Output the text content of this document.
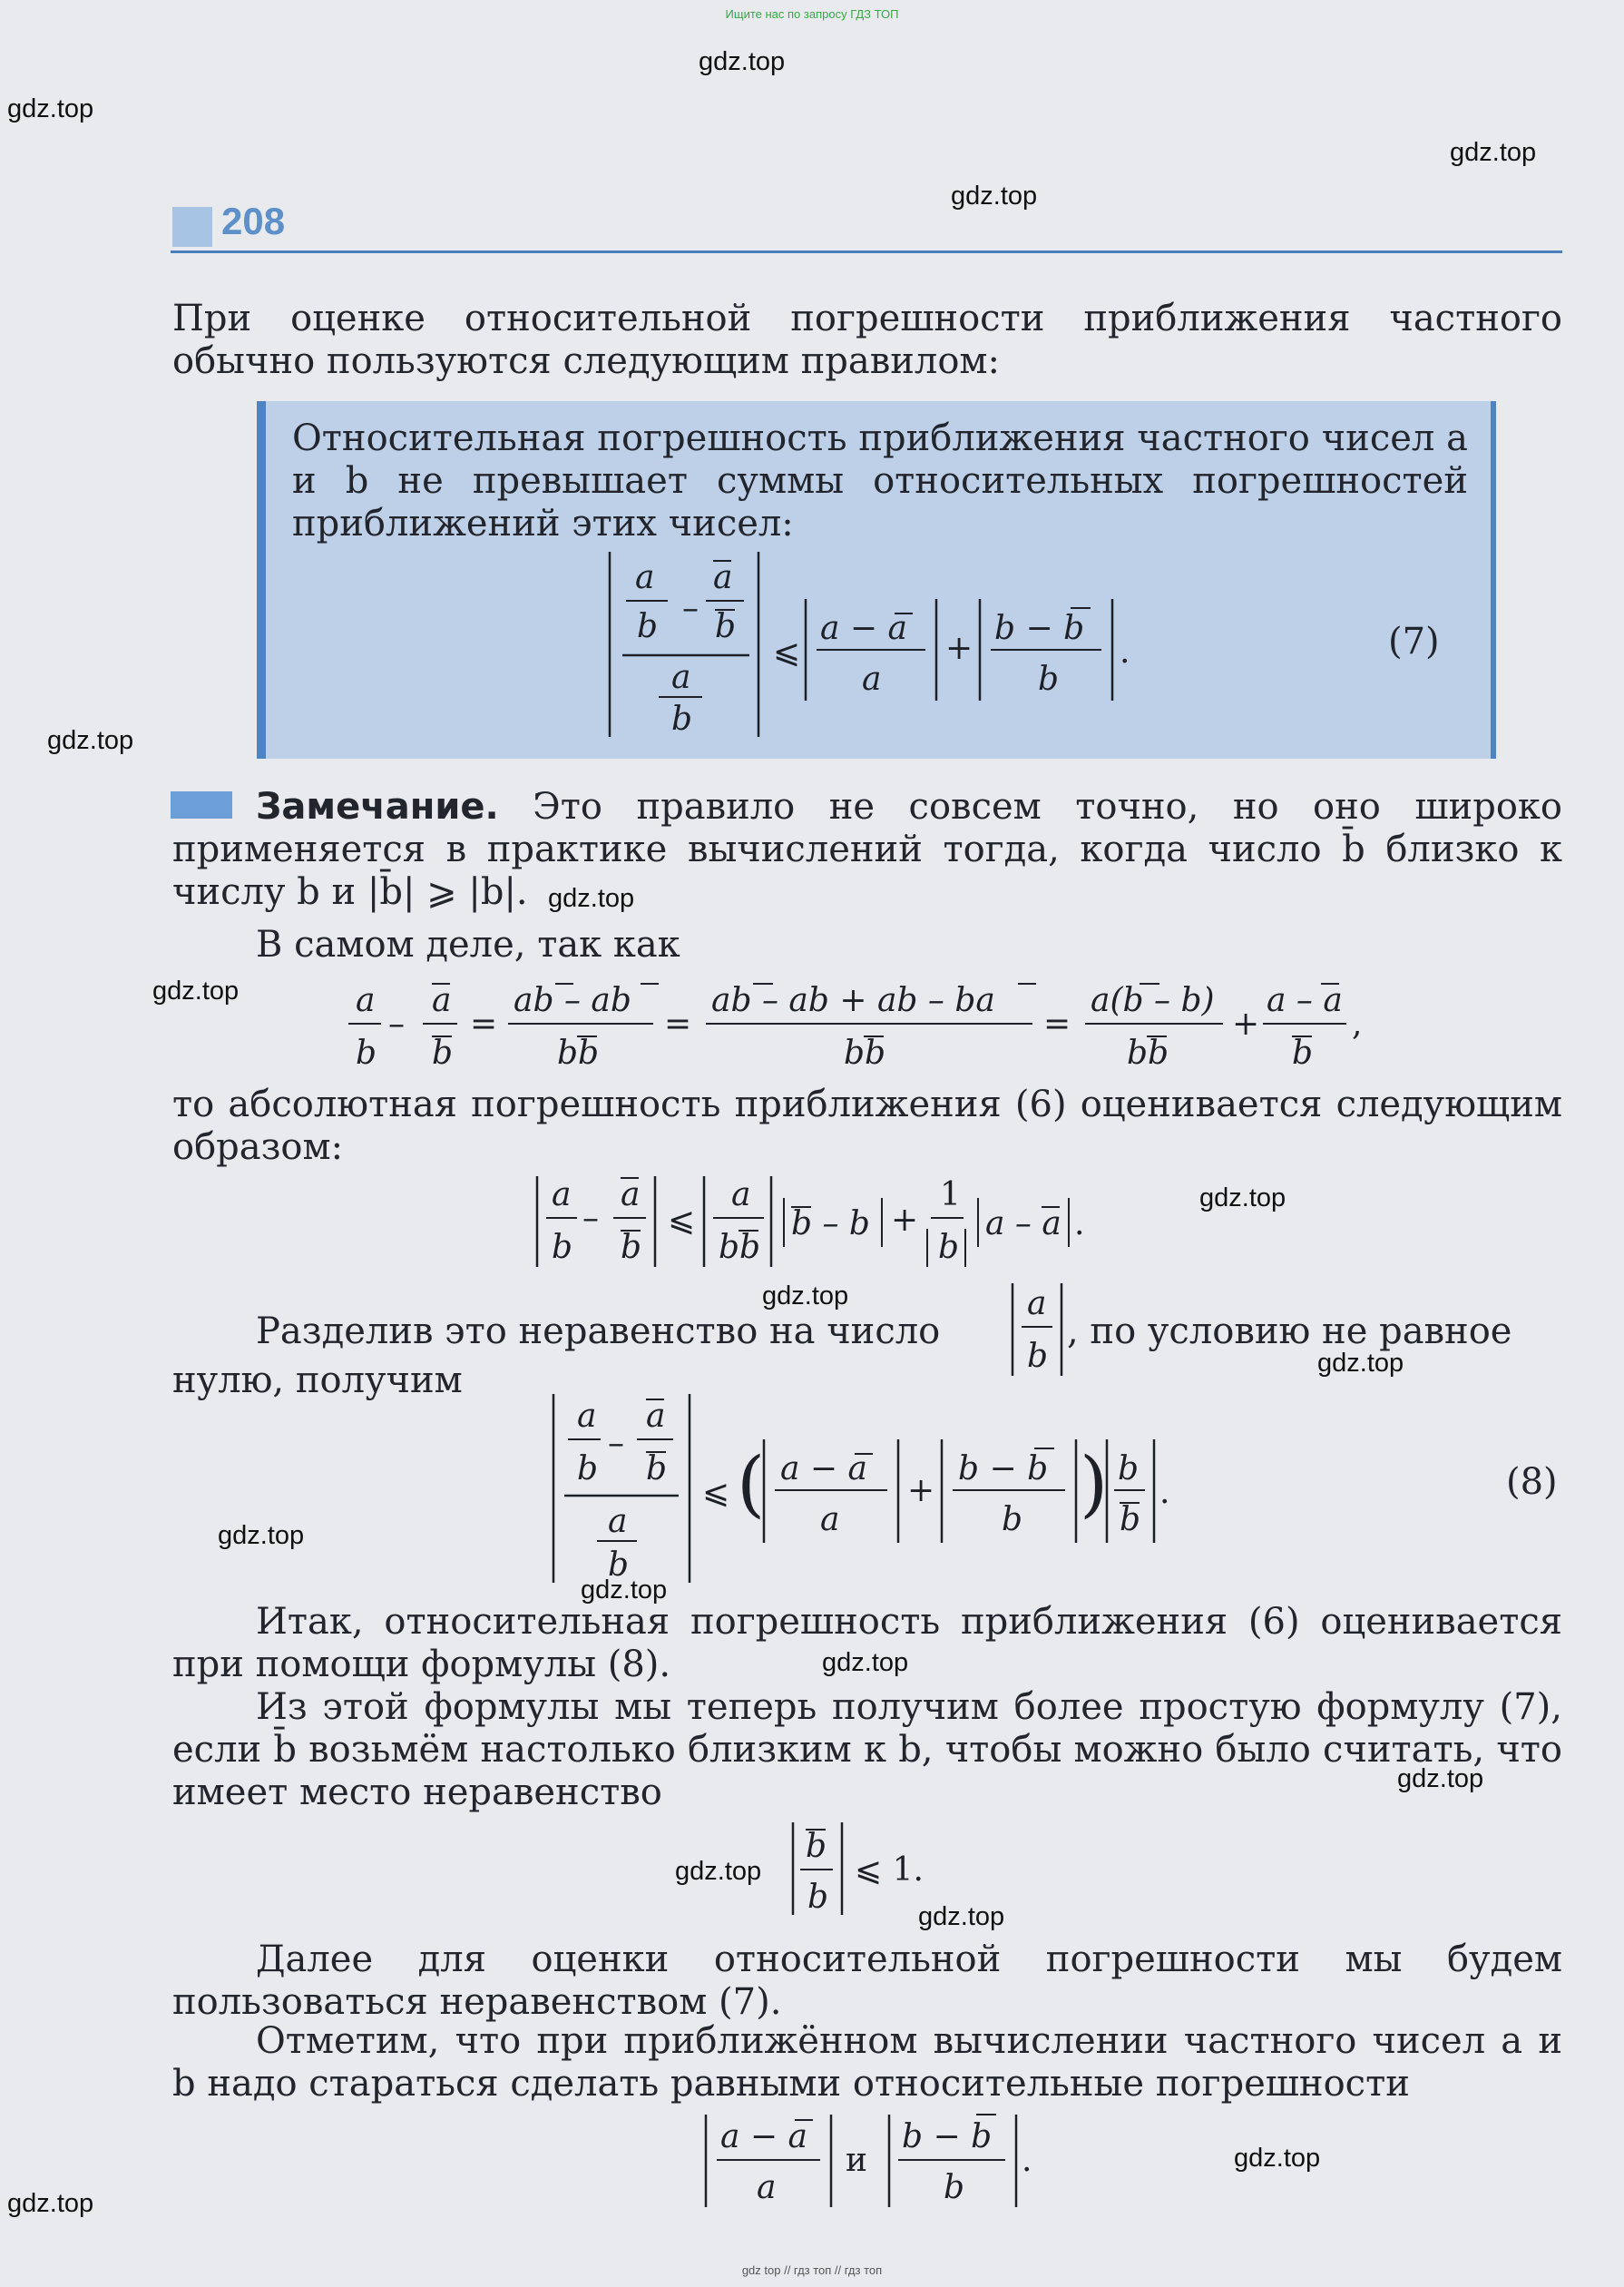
Ищите нас по запросу ГДЗ ТОП
gdz top // гдз топ // гдз топ
gdz.top
gdz.top
gdz.top
gdz.top
gdz.top
gdz.top
gdz.top
gdz.top
gdz.top
gdz.top
gdz.top
gdz.top
gdz.top
gdz.top
gdz.top
gdz.top
gdz.top
gdz.top
208
При оценке относительной погрешности приближения частного обычно пользуются следующим правилом:
Относительная погрешность приближения частного чисел a и b не превышает суммы относительных погрешностей приближений этих чисел:
a
b –
a
b
a
b
⩽
a − a
a
+
b − b
b
.	(7)
Замечание. Это правило не совсем точно, но оно широко применяется в практике вычислений тогда, когда число b̄ близко к числу b и |b̄| ⩾ |b|.
В самом деле, так как
a
b
–
a
b
=
ab – ab
bb
=
ab – ab + ab – ba
bb
=
a(b – b)
bb
+
a – a
b
,
то абсолютная погрешность приближения (6) оценивается следующим образом:
a
b
–
a
b
⩽
a
bb
b – b +
1
b
a – a .
Разделив это неравенство на число
a
b
, по условию не равное
нулю, получим
a
b
–
a
b
a
b
⩽ ( a − a
a
+
b − b
b ) b
b
.	(8)
Итак, относительная погрешность приближения (6) оценивается при помощи формулы (8).
Из этой формулы мы теперь получим более простую формулу (7), если b̄ возьмём настолько близким к b, чтобы можно было считать, что имеет место неравенство
b
b
⩽ 1.
Далее для оценки относительной погрешности мы будем пользоваться неравенством (7).
Отметим, что при приближённом вычислении частного чисел a и b надо стараться сделать равными относительные погрешности
a − a
a
и
b − b
b
.
